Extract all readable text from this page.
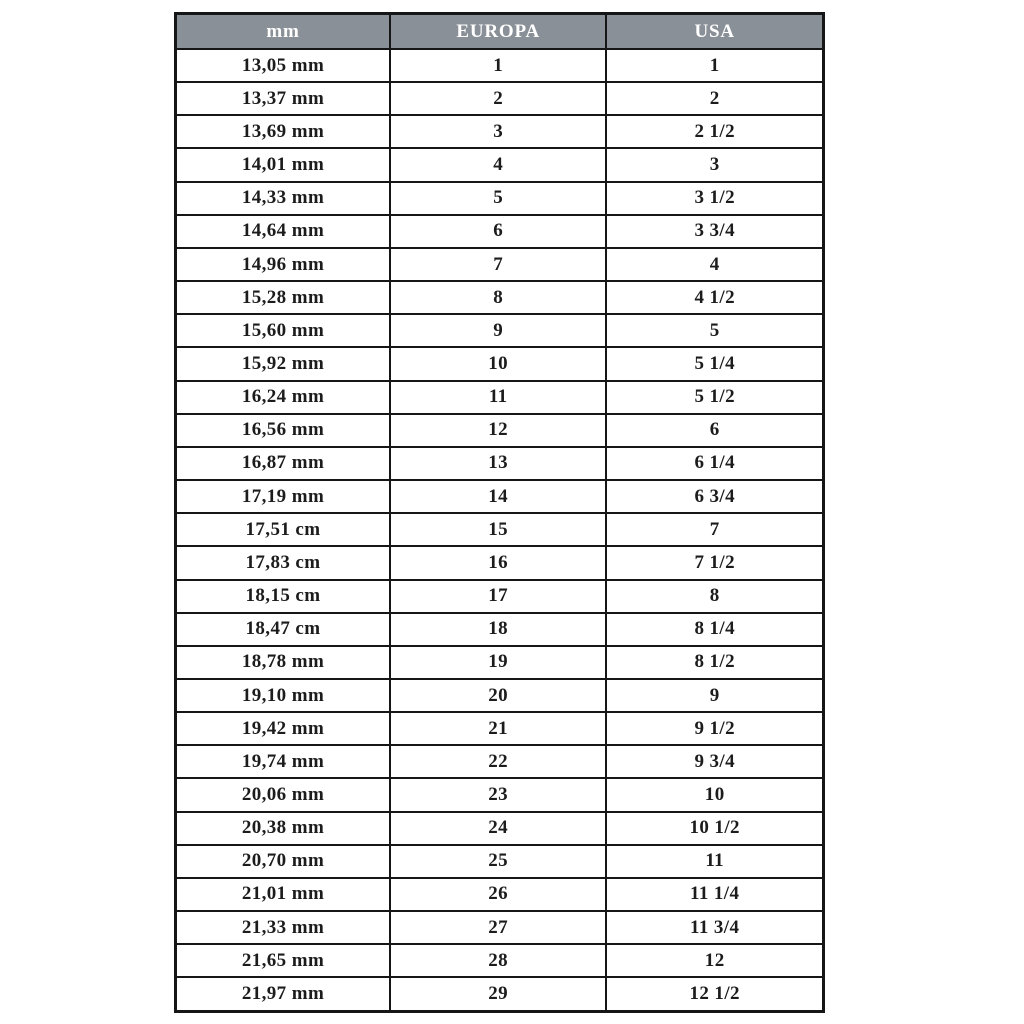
mm	EUROPA	USA
13,05 mm	1	1
13,37 mm	2	2
13,69 mm	3	2 1/2
14,01 mm	4	3
14,33 mm	5	3 1/2
14,64 mm	6	3 3/4
14,96 mm	7	4
15,28 mm	8	4 1/2
15,60 mm	9	5
15,92 mm	10	5 1/4
16,24 mm	11	5 1/2
16,56 mm	12	6
16,87 mm	13	6 1/4
17,19 mm	14	6 3/4
17,51 cm	15	7
17,83 cm	16	7 1/2
18,15 cm	17	8
18,47 cm	18	8 1/4
18,78 mm	19	8 1/2
19,10 mm	20	9
19,42 mm	21	9 1/2
19,74 mm	22	9 3/4
20,06 mm	23	10
20,38 mm	24	10 1/2
20,70 mm	25	11
21,01 mm	26	11 1/4
21,33 mm	27	11 3/4
21,65 mm	28	12
21,97 mm	29	12 1/2
